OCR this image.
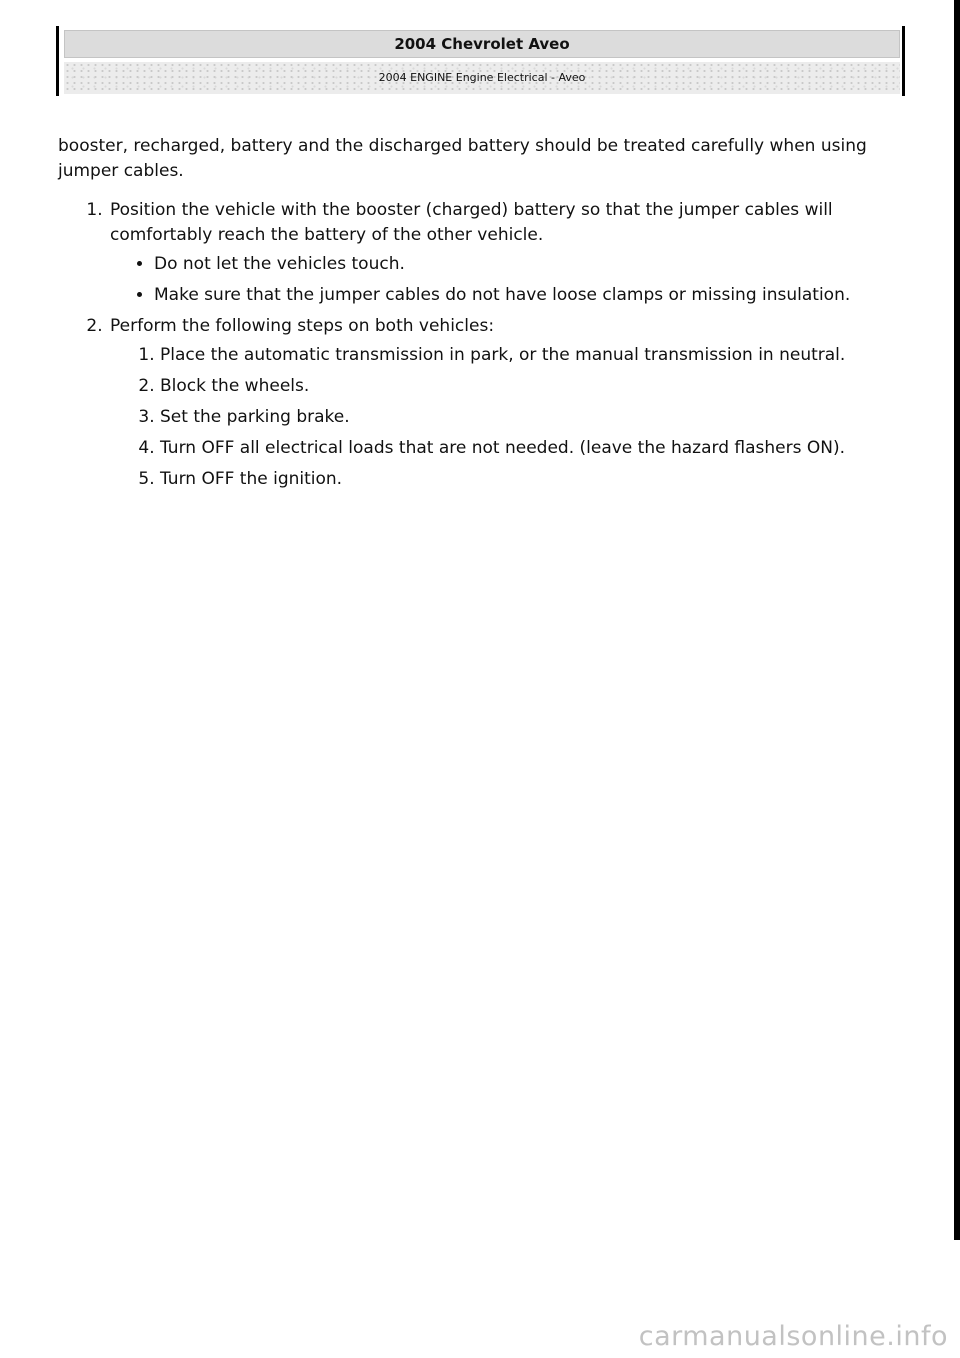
2004 Chevrolet Aveo
2004 ENGINE Engine Electrical - Aveo

booster, recharged, battery and the discharged battery should be treated carefully when using jumper cables.

1. Position the vehicle with the booster (charged) battery so that the jumper cables will comfortably reach the battery of the other vehicle.
• Do not let the vehicles touch.
• Make sure that the jumper cables do not have loose clamps or missing insulation.
2. Perform the following steps on both vehicles:
1. Place the automatic transmission in park, or the manual transmission in neutral.
2. Block the wheels.
3. Set the parking brake.
4. Turn OFF all electrical loads that are not needed. (leave the hazard flashers ON).
5. Turn OFF the ignition.
carmanualsonline.info
